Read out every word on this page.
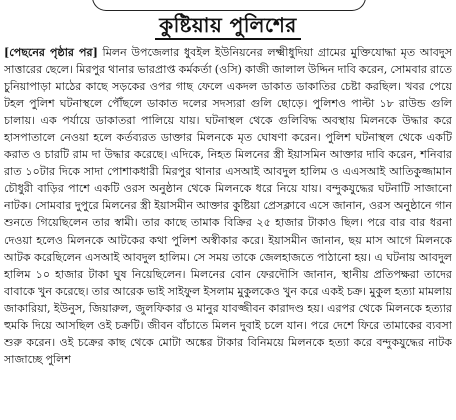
কুষ্টিয়ায় পুলিশের

[পেছনের পৃষ্ঠার পর] মিলন উপজেলার ধুবইল ইউনিয়নের লক্ষ্মীধুদিয়া গ্রামের মুক্তিযোদ্ধা মৃত আবদুস সাত্তারের ছেলে। মিরপুর থানার ভারপ্রাপ্ত কর্মকর্তা (ওসি) কাজী জালাল উদ্দিন দাবি করেন, সোমবার রাতে চুনিয়াপাড়া মাঠের কাছে সড়কের ওপর গাছ ফেলে একদল ডাকাত ডাকাতির চেষ্টা করছিল। খবর পেয়ে টহল পুলিশ ঘটনাস্থলে পৌঁছলে ডাকাত দলের সদস্যরা গুলি ছোড়ে। পুলিশও পাল্টা ১৮ রাউন্ড গুলি চালায়। এক পর্যায়ে ডাকাতরা পালিয়ে যায়। ঘটনাস্থল থেকে গুলিবিদ্ধ অবস্থায় মিলনকে উদ্ধার করে হাসপাতালে নেওয়া হলে কর্তব্যরত ডাক্তার মিলনকে মৃত ঘোষণা করেন। পুলিশ ঘটনাস্থল থেকে একটি করাত ও চারটি রাম দা উদ্ধার করেছে। এদিকে, নিহত মিলনের স্ত্রী ইয়াসমিন আক্তার দাবি করেন, শনিবার রাত ১০টার দিকে সাদা পোশাকধারী মিরপুর থানার এসআই আবদুল হালিম ও এএসআই আতিকুজ্জামান চৌধুরী বাড়ির পাশে একটি ওরস অনুষ্ঠান থেকে মিলনকে ধরে নিয়ে যায়। বন্দুকযুদ্ধের ঘটনাটি সাজানো নাটক। সোমবার দুপুরে মিলনের স্ত্রী ইয়াসমীন আক্তার কুষ্টিয়া প্রেসক্লাবে এসে জানান, ওরস অনুষ্ঠানে গান শুনতে গিয়েছিলেন তার স্বামী। তার কাছে তামাক বিক্রির ২৫ হাজার টাকাও ছিল। পরে বার বার ধরনা দেওয়া হলেও মিলনকে আটকের কথা পুলিশ অস্বীকার করে। ইয়াসমীন জানান, ছয় মাস আগে মিলনকে আটক করেছিলেন এসআই আবদুল হালিম। সে সময় তাকে জেলহাজতে পাঠানো হয়। এ ঘটনায় আবদুল হালিম ১০ হাজার টাকা ঘুষ নিয়েছিলেন। মিলনের বোন ফেরদৌসি জানান, স্থানীয় প্রতিপক্ষরা তাদের বাবাকে খুন করেছে। তার আরেক ভাই সাইফুল ইসলাম মুকুলকেও খুন করে একই চক্র। মুকুল হত্যা মামলায় জাকারিয়া, ইউনুস, জিয়ারুল, জুলফিকার ও মানুর যাবজ্জীবন কারাদণ্ড হয়। এরপর থেকে মিলনকে হত্যার হুমকি দিয়ে আসছিল ওই চক্রটি। জীবন বাঁচাতে মিলন দুবাই চলে যান। পরে দেশে ফিরে তামাকের ব্যবসা শুরু করেন। ওই চক্রের কাছ থেকে মোটা অঙ্কের টাকার বিনিময়ে মিলনকে হত্যা করে বন্দুকযুদ্ধের নাটক সাজাচ্ছে পুলিশ
